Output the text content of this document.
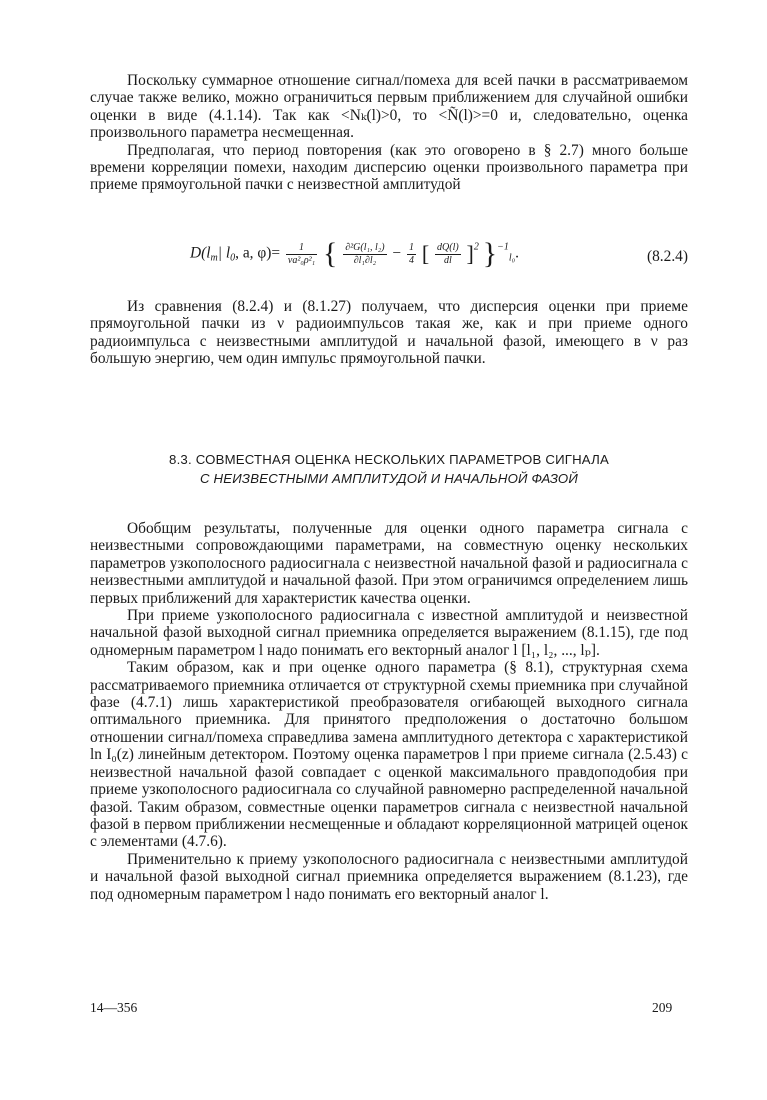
Поскольку суммарное отношение сигнал/помеха для всей пачки в рассматриваемом случае также велико, можно ограничиться первым приближением для случайной ошибки оценки в виде (4.1.14). Так как <Nₖ(l)>0, то <Ñ(l)>=0 и, следовательно, оценка произвольного параметра несмещенная.

Предполагая, что период повторения (как это оговорено в § 2.7) много больше времени корреляции помехи, находим дисперсию оценки произвольного параметра при приеме прямоугольной пачки с неизвестной амплитудой

$D(l_m|$ $l_0$, a, $\varphi)= \frac{1}{\text{νa²₀ρ²₁}}$ { $\frac{\text{∂²G(l₁, l₂)}}{\text{∂l₁∂l₂}} - \frac{1}{4}$ [ $\frac{dQ(l)}{dl} ]^2$ }$^{-1}_{l_0}$.	(8.2.4)

Из сравнения (8.2.4) и (8.1.27) получаем, что дисперсия оценки при приеме прямоугольной пачки из ν радиоимпульсов такая же, как и при приеме одного радиоимпульса с неизвестными амплитудой и начальной фазой, имеющего в ν раз большую энергию, чем один импульс прямоугольной пачки.

8.3. СОВМЕСТНАЯ ОЦЕНКА НЕСКОЛЬКИХ ПАРАМЕТРОВ СИГНАЛА
С НЕИЗВЕСТНЫМИ АМПЛИТУДОЙ И НАЧАЛЬНОЙ ФАЗОЙ

Обобщим результаты, полученные для оценки одного параметра сигнала с неизвестными сопровождающими параметрами, на совместную оценку нескольких параметров узкополосного радиосигнала с неизвестной начальной фазой и радиосигнала с неизвестными амплитудой и начальной фазой. При этом ограничимся определением лишь первых приближений для характеристик качества оценки.

При приеме узкополосного радиосигнала с известной амплитудой и неизвестной начальной фазой выходной сигнал приемника определяется выражением (8.1.15), где под одномерным параметром l надо понимать его векторный аналог l [l₁, l₂, ..., lₚ].

Таким образом, как и при оценке одного параметра (§ 8.1), структурная схема рассматриваемого приемника отличается от структурной схемы приемника при случайной фазе (4.7.1) лишь характеристикой преобразователя огибающей выходного сигнала оптимального приемника. Для принятого предположения о достаточно большом отношении сигнал/помеха справедлива замена амплитудного детектора с характеристикой ln I₀(z) линейным детектором. Поэтому оценка параметров l при приеме сигнала (2.5.43) с неизвестной начальной фазой совпадает с оценкой максимального правдоподобия при приеме узкополосного радиосигнала со случайной равномерно распределенной начальной фазой. Таким образом, совместные оценки параметров сигнала с неизвестной начальной фазой в первом приближении несмещенные и обладают корреляционной матрицей оценок с элементами (4.7.6).

Применительно к приему узкополосного радиосигнала с неизвестными амплитудой и начальной фазой выходной сигнал приемника определяется выражением (8.1.23), где под одномерным параметром l надо понимать его векторный аналог l.

14—356	209
